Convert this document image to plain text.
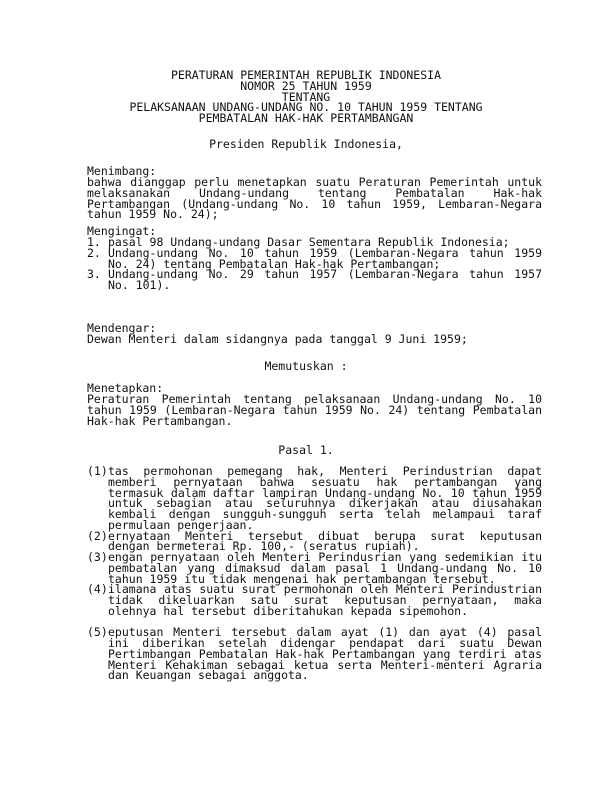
PERATURAN PEMERINTAH REPUBLIK INDONESIA
NOMOR 25 TAHUN 1959
TENTANG
PELAKSANAAN UNDANG-UNDANG NO. 10 TAHUN 1959 TENTANG
PEMBATALAN HAK-HAK PERTAMBANGAN
Presiden Republik Indonesia,
Menimbang:
bahwa dianggap perlu menetapkan suatu Peraturan Pemerintah untuk melaksanakan Undang-undang tentang Pembatalan Hak-hak Pertambangan (Undang-undang No. 10 tahun 1959, Lembaran-Negara tahun 1959 No. 24);
Mengingat:
1. pasal 98 Undang-undang Dasar Sementara Republik Indonesia;
2. Undang-undang No. 10 tahun 1959 (Lembaran-Negara tahun 1959 No. 24) tentang Pembatalan Hak-hak Pertambangan;
3. Undang-undang No. 29 tahun 1957 (Lembaran-Negara tahun 1957 No. 101).
Mendengar:
Dewan Menteri dalam sidangnya pada tanggal 9 Juni 1959;
Memutuskan :
Menetapkan:
Peraturan Pemerintah tentang pelaksanaan Undang-undang No. 10 tahun 1959 (Lembaran-Negara tahun 1959 No. 24) tentang Pembatalan Hak-hak Pertambangan.
Pasal 1.
(1) tas permohonan pemegang hak, Menteri Perindustrian dapat memberi pernyataan bahwa sesuatu hak pertambangan yang termasuk dalam daftar lampiran Undang-undang No. 10 tahun 1959 untuk sebagian atau seluruhnya dikerjakan atau diusahakan kembali dengan sungguh-sungguh serta telah melampaui taraf permulaan pengerjaan.
(2) ernyataan Menteri tersebut dibuat berupa surat keputusan dengan bermeterai Rp. 100,- (seratus rupiah).
(3) engan pernyataan oleh Menteri Perindusrian yang sedemikian itu pembatalan yang dimaksud dalam pasal 1 Undang-undang No. 10 tahun 1959 itu tidak mengenai hak pertambangan tersebut.
(4) ilamana atas suatu surat permohonan oleh Menteri Perindustrian tidak dikeluarkan satu surat keputusan pernyataan, maka olehnya hal tersebut diberitahukan kepada sipemohon.
(5) eputusan Menteri tersebut dalam ayat (1) dan ayat (4) pasal ini diberikan setelah didengar pendapat dari suatu Dewan Pertimbangan Pembatalan Hak-hak Pertambangan yang terdiri atas Menteri Kehakiman sebagai ketua serta Menteri-menteri Agraria dan Keuangan sebagai anggota.
